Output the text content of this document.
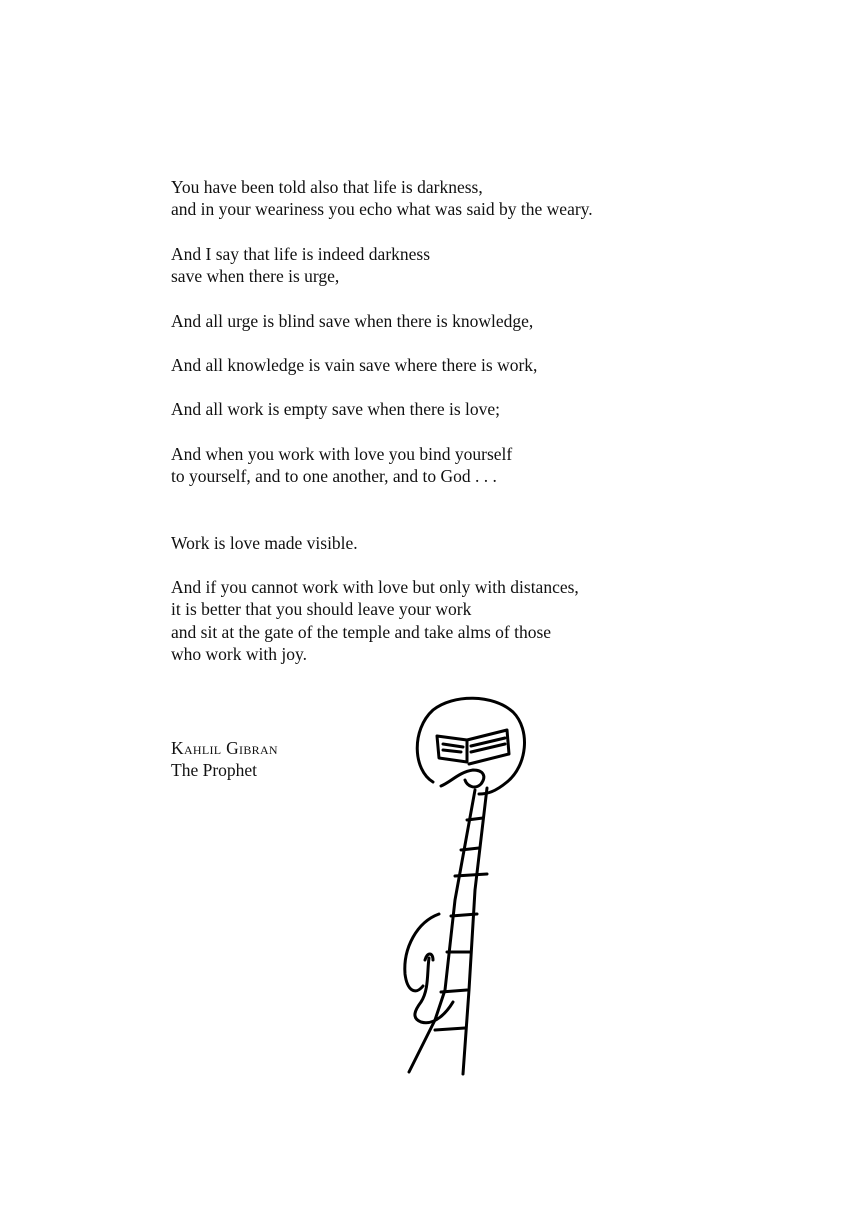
You have been told also that life is darkness,
and in your weariness you echo what was said by the weary.
And I say that life is indeed darkness
save when there is urge,
And all urge is blind save when there is knowledge,
And all knowledge is vain save where there is work,
And all work is empty save when there is love;
And when you work with love you bind yourself
to yourself, and to one another, and to God . . .
Work is love made visible.
And if you cannot work with love but only with distances,
it is better that you should leave your work
and sit at the gate of the temple and take alms of those
who work with joy.
Kahlil Gibran
The Prophet
